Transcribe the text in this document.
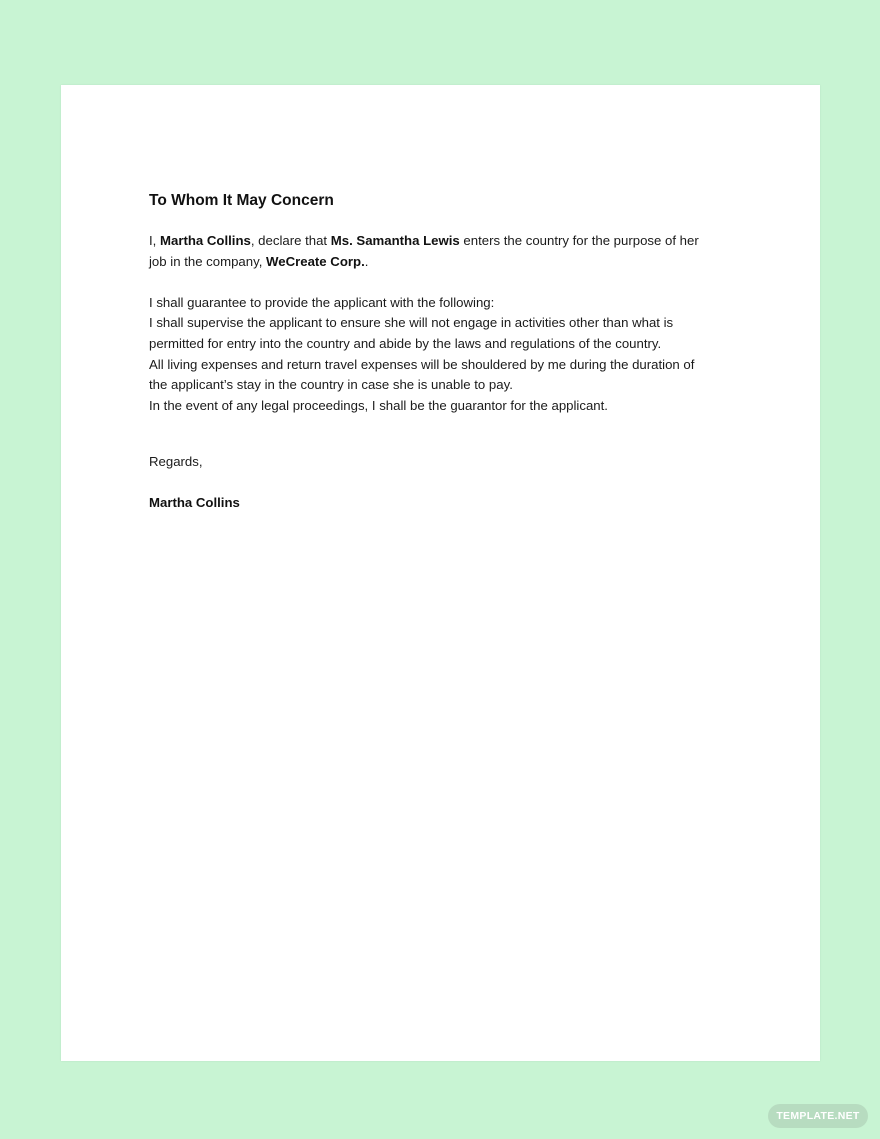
To Whom It May Concern

I, Martha Collins, declare that Ms. Samantha Lewis enters the country for the purpose of her
job in the company, WeCreate Corp..

I shall guarantee to provide the applicant with the following:
I shall supervise the applicant to ensure she will not engage in activities other than what is
permitted for entry into the country and abide by the laws and regulations of the country.
All living expenses and return travel expenses will be shouldered by me during the duration of
the applicant’s stay in the country in case she is unable to pay.
In the event of any legal proceedings, I shall be the guarantor for the applicant.

Regards,

Martha Collins

TEMPLATE.NET
